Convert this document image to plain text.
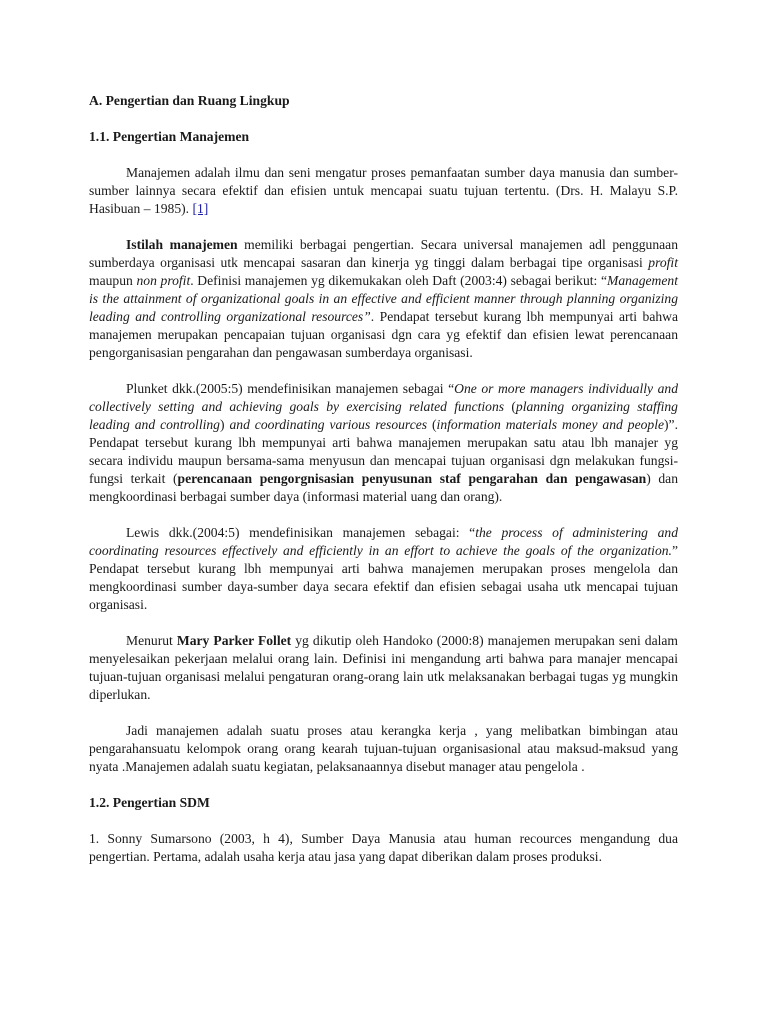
A. Pengertian dan Ruang Lingkup
1.1. Pengertian Manajemen

Manajemen adalah ilmu dan seni mengatur proses pemanfaatan sumber daya manusia dan sumber-sumber lainnya secara efektif dan efisien untuk mencapai suatu tujuan tertentu. (Drs. H. Malayu S.P. Hasibuan – 1985). [1]

Istilah manajemen memiliki berbagai pengertian. Secara universal manajemen adl penggunaan sumberdaya organisasi utk mencapai sasaran dan kinerja yg tinggi dalam berbagai tipe organisasi profit maupun non profit. Definisi manajemen yg dikemukakan oleh Daft (2003:4) sebagai berikut: “Management is the attainment of organizational goals in an effective and efficient manner through planning organizing leading and controlling organizational resources”. Pendapat tersebut kurang lbh mempunyai arti bahwa manajemen merupakan pencapaian tujuan organisasi dgn cara yg efektif dan efisien lewat perencanaan pengorganisasian pengarahan dan pengawasan sumberdaya organisasi.

Plunket dkk.(2005:5) mendefinisikan manajemen sebagai “One or more managers individually and collectively setting and achieving goals by exercising related functions (planning organizing staffing leading and controlling) and coordinating various resources (information materials money and people)”. Pendapat tersebut kurang lbh mempunyai arti bahwa manajemen merupakan satu atau lbh manajer yg secara individu maupun bersama-sama menyusun dan mencapai tujuan organisasi dgn melakukan fungsi-fungsi terkait (perencanaan pengorgnisasian penyusunan staf pengarahan dan pengawasan) dan mengkoordinasi berbagai sumber daya (informasi material uang dan orang).

Lewis dkk.(2004:5) mendefinisikan manajemen sebagai: “the process of administering and coordinating resources effectively and efficiently in an effort to achieve the goals of the organization.” Pendapat tersebut kurang lbh mempunyai arti bahwa manajemen merupakan proses mengelola dan mengkoordinasi sumber daya-sumber daya secara efektif dan efisien sebagai usaha utk mencapai tujuan organisasi.

Menurut Mary Parker Follet yg dikutip oleh Handoko (2000:8) manajemen merupakan seni dalam menyelesaikan pekerjaan melalui orang lain. Definisi ini mengandung arti bahwa para manajer mencapai tujuan-tujuan organisasi melalui pengaturan orang-orang lain utk melaksanakan berbagai tugas yg mungkin diperlukan.

Jadi manajemen adalah suatu proses atau kerangka kerja , yang melibatkan bimbingan atau pengarahansuatu kelompok orang orang kearah tujuan-tujuan organisasional atau maksud-maksud yang nyata .Manajemen adalah suatu kegiatan, pelaksanaannya disebut manager atau pengelola .

1.2. Pengertian SDM

1. Sonny Sumarsono (2003, h 4), Sumber Daya Manusia atau human recources mengandung dua pengertian. Pertama, adalah usaha kerja atau jasa yang dapat diberikan dalam proses produksi.
